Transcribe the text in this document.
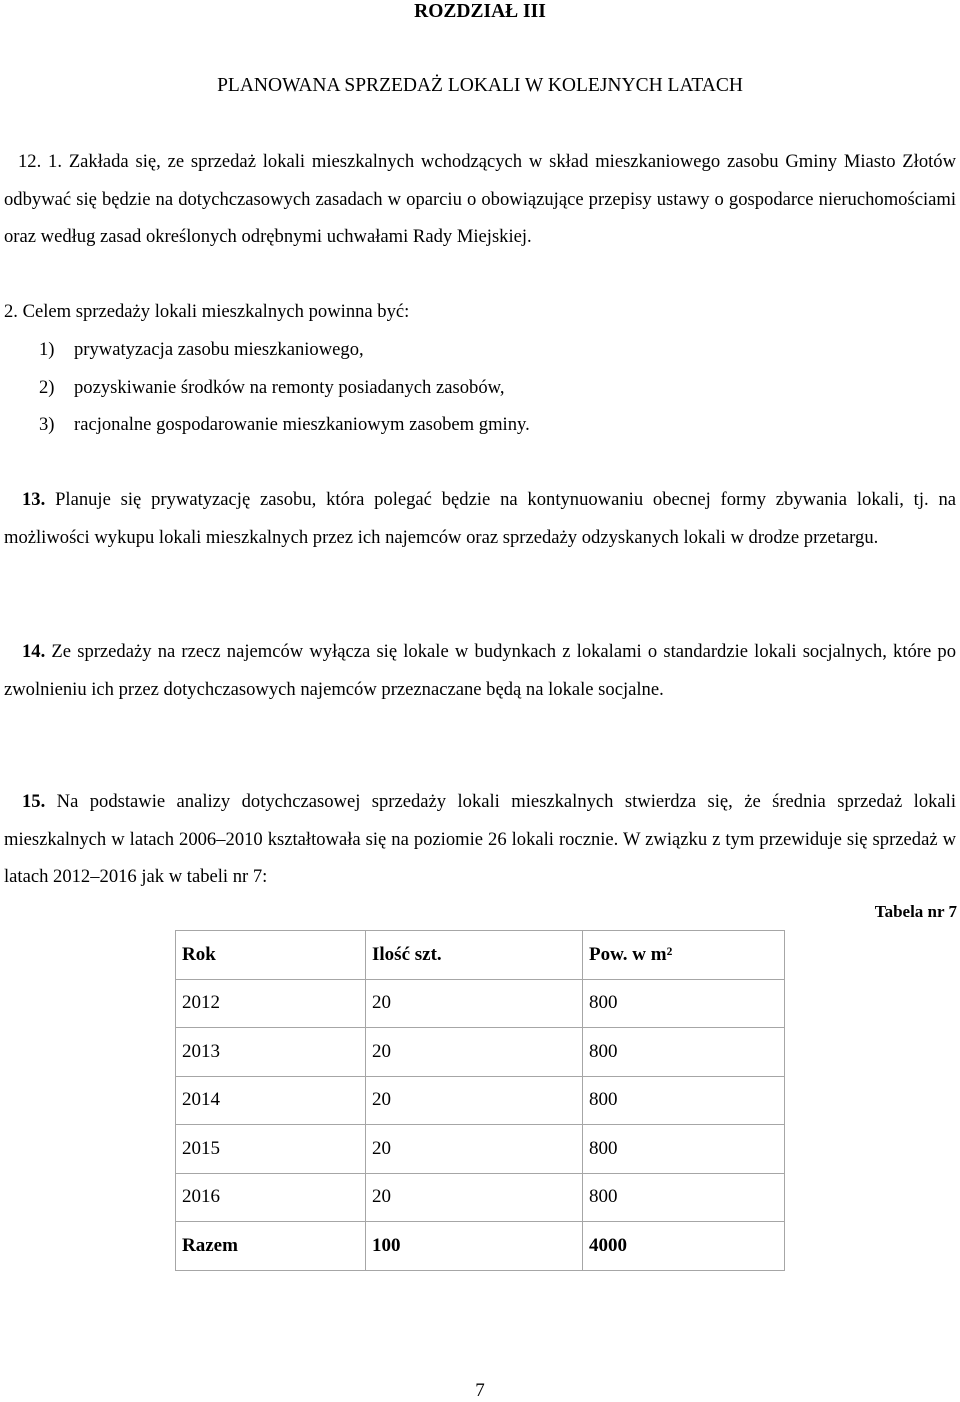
ROZDZIAŁ III
PLANOWANA SPRZEDAŻ LOKALI W KOLEJNYCH LATACH

12. 1. Zakłada się, ze sprzedaż lokali mieszkalnych wchodzących w skład mieszkaniowego zasobu Gminy Miasto Złotów odbywać się będzie na dotychczasowych zasadach w oparciu o obowiązujące przepisy ustawy o gospodarce nieruchomościami oraz według zasad określonych odrębnymi uchwałami Rady Miejskiej.

2. Celem sprzedaży lokali mieszkalnych powinna być:

1) prywatyzacja zasobu mieszkaniowego,
2) pozyskiwanie środków na remonty posiadanych zasobów,
3) racjonalne gospodarowanie mieszkaniowym zasobem gminy.

13. Planuje się prywatyzację zasobu, która polegać będzie na kontynuowaniu obecnej formy zbywania lokali, tj. na możliwości wykupu lokali mieszkalnych przez ich najemców oraz sprzedaży odzyskanych lokali w drodze przetargu.

14. Ze sprzedaży na rzecz najemców wyłącza się lokale w budynkach z lokalami o standardzie lokali socjalnych, które po zwolnieniu ich przez dotychczasowych najemców przeznaczane będą na lokale socjalne.

15. Na podstawie analizy dotychczasowej sprzedaży lokali mieszkalnych stwierdza się, że średnia sprzedaż lokali mieszkalnych w latach 2006–2010 kształtowała się na poziomie 26 lokali rocznie. W związku z tym przewiduje się sprzedaż w latach 2012–2016 jak w tabeli nr 7:

Tabela nr 7
Rok	Ilość szt.	Pow. w m²
2012	20	800
2013	20	800
2014	20	800
2015	20	800
2016	20	800
Razem	100	4000
7
